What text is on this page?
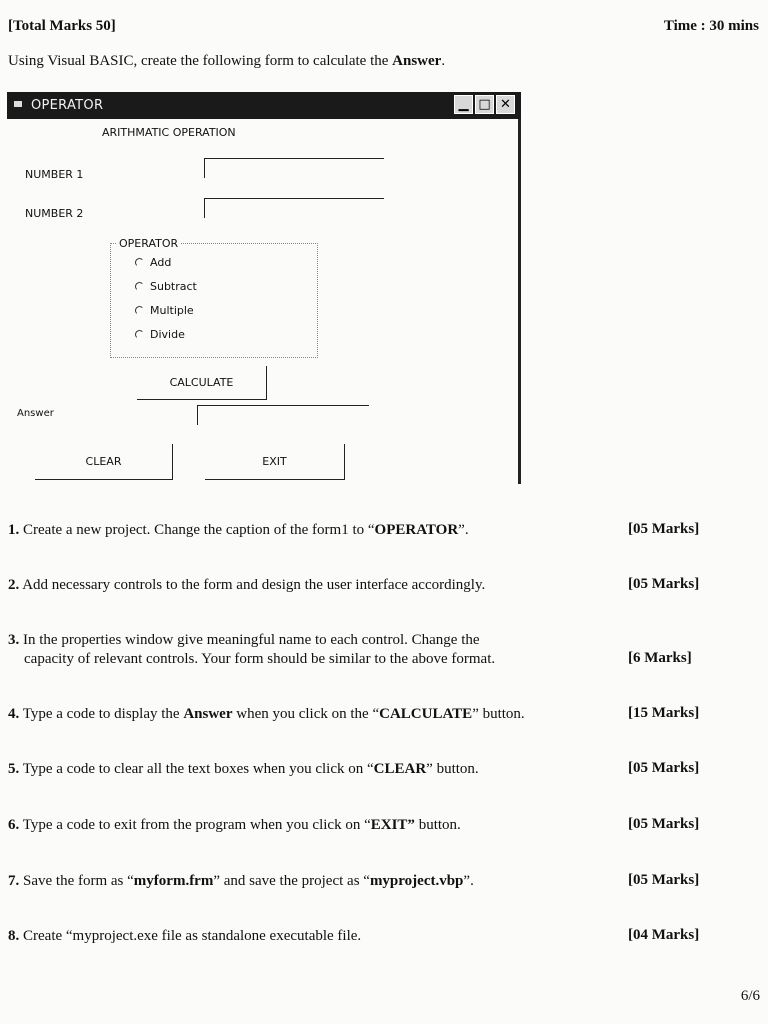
[Total Marks 50]	Time : 30 mins
Using Visual BASIC, create the following form to calculate the Answer.
OPERATOR	▁ □ ✕
ARITHMATIC OPERATION
NUMBER 1
NUMBER 2
OPERATOR
Add
Subtract
Multiple
Divide
CALCULATE
Answer
CLEAR	EXIT
1. Create a new project. Change the caption of the form1 to “OPERATOR”.	[05 Marks]
2. Add necessary controls to the form and design the user interface accordingly.	[05 Marks]
3. In the properties window give meaningful name to each control. Change the
capacity of relevant controls. Your form should be similar to the above format.	[6 Marks]
4. Type a code to display the Answer when you click on the “CALCULATE” button.	[15 Marks]
5. Type a code to clear all the text boxes when you click on “CLEAR” button.	[05 Marks]
6. Type a code to exit from the program when you click on “EXIT” button.	[05 Marks]
7. Save the form as “myform.frm” and save the project as “myproject.vbp”.	[05 Marks]
8. Create “myproject.exe file as standalone executable file.	[04 Marks]
6/6
